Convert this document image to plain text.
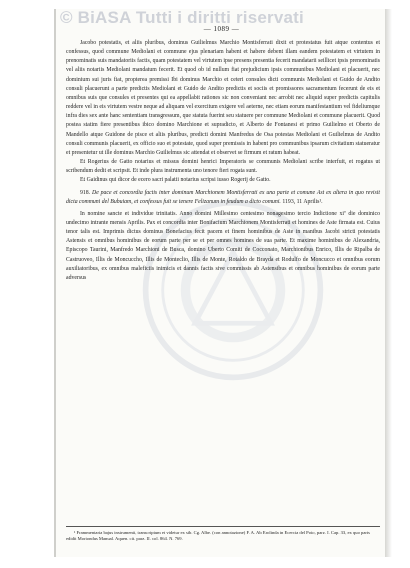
© BiASA Tutti i diritti riservati
— 1089 —

Jacobo potestatis, et aliis pluribus, dominus Guilielmus Marchio Montisferrati dixit et protestatus fuit atque contentus et confessus, quod commune Mediolani et commune ejus plenariam habent et habere debent illam eandem potestatem et virtutem in prenominatis suis mandatoriis factis, quam potestatem vel virtutem ipse presens presentia fecerit mandatarii seillicet ipsis prenominatis vel aliis notariis Mediolani mandatum fecerit. Et quod ob id nullum fiat prejudicium ipsis communibus Mediolani et placuerit, nec dominium sui juris fiat, propterea premissi Ibi dominus Marchio et ceteri consules dicti communis Mediolani et Guido de Andito consuli placuerunt a parte predictis Mediolani et Guido de Andito predictis et sociis et promissores sacramentum fecerunt de eis et omnibus suis que consules et presentes qui ea appellabit rationes sic non conveniant nec arrobit nec aliquid super predictis capitulis reddere vel in eis virtutem vestre neque ad aliquam vel exercitum exigere vel aeterne, nec etiam eorum manifestantium vel fideliumque infra dies sex ante hanc sententiam transgressum, que statuta fuerint seu statuere per commune Mediolani et commune placuerit. Quod postea statim fiere presentibus ibico domino Marchione et supradicto, et Alberto de Fontanesi et primo Guilielmo et Oberto de Mandello atque Guidone de pisce et aliis pluribus, predicti domini Manfredus de Osa potestas Mediolani et Guilielmus de Andito consuli communis placuerit, ex officio suo et potestate, quod super premissis in habent pro communibus ipsarum civitatium statueratur et presentetur ut ille dominus Marchio Guilielmus sic attendat et observet se firmum et ratum habeat.

Et Rogerius de Gatto notarius et missus domini henrici Imperatoris se communis Mediolani scribe interfuit, et rogatus ut scribendum dedit et scripsit. Et inde plura instrumenta uno tenore fieri rogata sunt.

Et Gaidinus qui dicor de ecero sacri palatii notarius scripsi iusso Rogerij de Gatto.

918. De pace et concordia factis inter dominum Marchionem Montisferrati ex una parte et comune Ast ex altera in quo revisit dicta communi del Bubuiam, et confessus fuit se tenere Felizanum in feudum a dicto comuni. 1193, 11 Aprilis¹.

In nomine sancte et individue trinitatis. Anno domini Millesimo centesimo nonagesimo tercio Indictione xiª die dominico undecimo intrante mensis Aprilis. Pax et concordia inter Bonifacium Marchionem Montisferrati et homines de Aste firmata est. Cuius tenor talis est. Imprimis dictus dominus Bonefacius fecit pacem et finem hominibus de Aste in manibus Jacobi stricti potestatis Astensis et omnibus hominibus de eorum parte per se et per omnes homines de sua parte. Et maxime hominibus de Alexandria, Episcopo Taurini, Manfredo Marchioni de Busca, domino Uberto Comiti de Cocconato, Marchionibus Enrico, Illis de Ripalba de Castruoveo, Illis de Moncuccho, Illis de Monteclio, Illis de Monte, Rotaldo de Brayda et Rodulfo de Moncucco et omnibus eorum auxiliatoribus, ex omnibus maleficiis inimicis et dannis factis sive commissis ab Astensibus et omnibus hominibus de eorum parte adversus

¹ Frammentaria bajus instrumenti, transcriptum et videtur ex sib. Cg. Albe. (con annotazione) F. A. Ab Erolinda in Ecercia del Poio, parz. I. Cap. 33, ex quo parts edidit Moriondus Manual. Aquen. cit. parz. II. col. 864. N. 769.
